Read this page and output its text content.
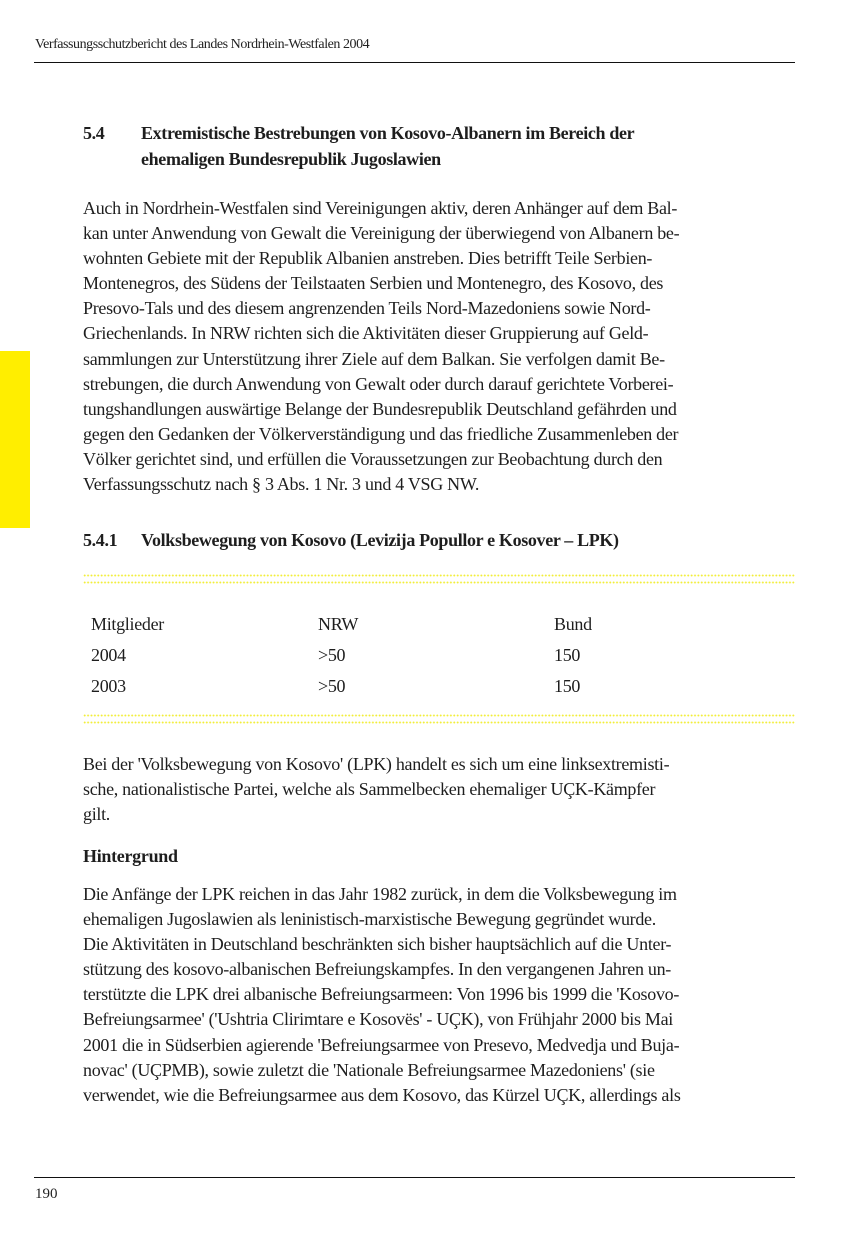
Verfassungsschutzbericht des Landes Nordrhein-Westfalen 2004
5.4 Extremistische Bestrebungen von Kosovo-Albanern im Bereich der
ehemaligen Bundesrepublik Jugoslawien
Auch in Nordrhein-Westfalen sind Vereinigungen aktiv, deren Anhänger auf dem Bal-
kan unter Anwendung von Gewalt die Vereinigung der überwiegend von Albanern be-
wohnten Gebiete mit der Republik Albanien anstreben. Dies betrifft Teile Serbien-
Montenegros, des Südens der Teilstaaten Serbien und Montenegro, des Kosovo, des
Presovo-Tals und des diesem angrenzenden Teils Nord-Mazedoniens sowie Nord-
Griechenlands. In NRW richten sich die Aktivitäten dieser Gruppierung auf Geld-
sammlungen zur Unterstützung ihrer Ziele auf dem Balkan. Sie verfolgen damit Be-
strebungen, die durch Anwendung von Gewalt oder durch darauf gerichtete Vorberei-
tungshandlungen auswärtige Belange der Bundesrepublik Deutschland gefährden und
gegen den Gedanken der Völkerverständigung und das friedliche Zusammenleben der
Völker gerichtet sind, und erfüllen die Voraussetzungen zur Beobachtung durch den
Verfassungsschutz nach § 3 Abs. 1 Nr. 3 und 4 VSG NW.
5.4.1 Volksbewegung von Kosovo (Levizija Popullor e Kosover – LPK)
Mitglieder	NRW	Bund
2004	>50	150
2003	>50	150
Bei der 'Volksbewegung von Kosovo' (LPK) handelt es sich um eine linksextremisti-
sche, nationalistische Partei, welche als Sammelbecken ehemaliger UÇK-Kämpfer
gilt.
Hintergrund
Die Anfänge der LPK reichen in das Jahr 1982 zurück, in dem die Volksbewegung im
ehemaligen Jugoslawien als leninistisch-marxistische Bewegung gegründet wurde.
Die Aktivitäten in Deutschland beschränkten sich bisher hauptsächlich auf die Unter-
stützung des kosovo-albanischen Befreiungskampfes. In den vergangenen Jahren un-
terstützte die LPK drei albanische Befreiungsarmeen: Von 1996 bis 1999 die 'Kosovo-
Befreiungsarmee' ('Ushtria Clirimtare e Kosovës' - UÇK), von Frühjahr 2000 bis Mai
2001 die in Südserbien agierende 'Befreiungsarmee von Presevo, Medvedja und Buja-
novac' (UÇPMB), sowie zuletzt die 'Nationale Befreiungsarmee Mazedoniens' (sie
verwendet, wie die Befreiungsarmee aus dem Kosovo, das Kürzel UÇK, allerdings als
190
